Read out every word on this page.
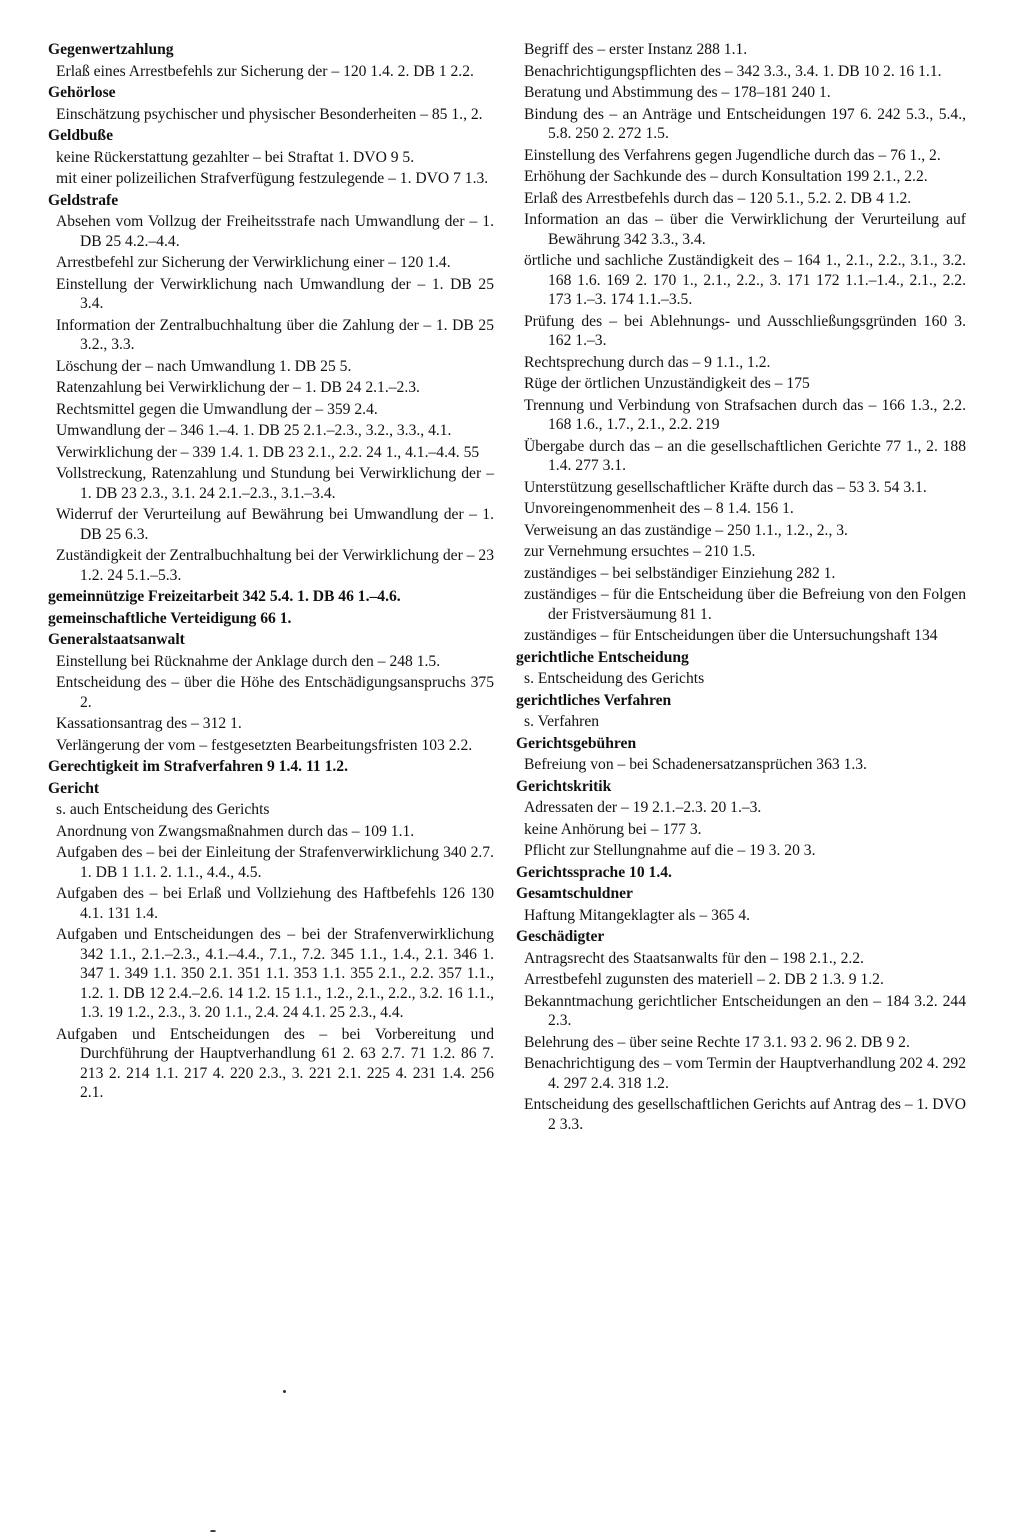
Gegenwertzahlung
Erlaß eines Arrestbefehls zur Sicherung der – 120 1.4. 2. DB 1 2.2.
Gehörlose
Einschätzung psychischer und physischer Besonderheiten – 85 1., 2.
Geldbuße
keine Rückerstattung gezahlter – bei Straftat 1. DVO 9 5.
mit einer polizeilichen Strafverfügung festzulegende – 1. DVO 7 1.3.
Geldstrafe
Absehen vom Vollzug der Freiheitsstrafe nach Umwandlung der – 1. DB 25 4.2.–4.4.
Arrestbefehl zur Sicherung der Verwirklichung einer – 120 1.4.
Einstellung der Verwirklichung nach Umwandlung der – 1. DB 25 3.4.
Information der Zentralbuchhaltung über die Zahlung der – 1. DB 25 3.2., 3.3.
Löschung der – nach Umwandlung 1. DB 25 5.
Ratenzahlung bei Verwirklichung der – 1. DB 24 2.1.–2.3.
Rechtsmittel gegen die Umwandlung der – 359 2.4.
Umwandlung der – 346 1.–4. 1. DB 25 2.1.–2.3., 3.2., 3.3., 4.1.
Verwirklichung der – 339 1.4. 1. DB 23 2.1., 2.2. 24 1., 4.1.–4.4. 55
Vollstreckung, Ratenzahlung und Stundung bei Verwirklichung der – 1. DB 23 2.3., 3.1. 24 2.1.–2.3., 3.1.–3.4.
Widerruf der Verurteilung auf Bewährung bei Umwandlung der – 1. DB 25 6.3.
Zuständigkeit der Zentralbuchhaltung bei der Verwirklichung der – 23 1.2. 24 5.1.–5.3.
gemeinnützige Freizeitarbeit 342 5.4. 1. DB 46 1.–4.6.
gemeinschaftliche Verteidigung 66 1.
Generalstaatsanwalt
Einstellung bei Rücknahme der Anklage durch den – 248 1.5.
Entscheidung des – über die Höhe des Entschädigungsanspruchs 375 2.
Kassationsantrag des – 312 1.
Verlängerung der vom – festgesetzten Bearbeitungsfristen 103 2.2.
Gerechtigkeit im Strafverfahren 9 1.4. 11 1.2.
Gericht
s. auch Entscheidung des Gerichts
Anordnung von Zwangsmaßnahmen durch das – 109 1.1.
Aufgaben des – bei der Einleitung der Strafenverwirklichung 340 2.7. 1. DB 1 1.1. 2. 1.1., 4.4., 4.5.
Aufgaben des – bei Erlaß und Vollziehung des Haftbefehls 126 130 4.1. 131 1.4.
Aufgaben und Entscheidungen des – bei der Strafenverwirklichung 342 1.1., 2.1.–2.3., 4.1.–4.4., 7.1., 7.2. 345 1.1., 1.4., 2.1. 346 1. 347 1. 349 1.1. 350 2.1. 351 1.1. 353 1.1. 355 2.1., 2.2. 357 1.1., 1.2. 1. DB 12 2.4.–2.6. 14 1.2. 15 1.1., 1.2., 2.1., 2.2., 3.2. 16 1.1., 1.3. 19 1.2., 2.3., 3. 20 1.1., 2.4. 24 4.1. 25 2.3., 4.4.
Aufgaben und Entscheidungen des – bei Vorbereitung und Durchführung der Hauptverhandlung 61 2. 63 2.7. 71 1.2. 86 7. 213 2. 214 1.1. 217 4. 220 2.3., 3. 221 2.1. 225 4. 231 1.4. 256 2.1.
Begriff des – erster Instanz 288 1.1.
Benachrichtigungspflichten des – 342 3.3., 3.4. 1. DB 10 2. 16 1.1.
Beratung und Abstimmung des – 178–181 240 1.
Bindung des – an Anträge und Entscheidungen 197 6. 242 5.3., 5.4., 5.8. 250 2. 272 1.5.
Einstellung des Verfahrens gegen Jugendliche durch das – 76 1., 2.
Erhöhung der Sachkunde des – durch Konsultation 199 2.1., 2.2.
Erlaß des Arrestbefehls durch das – 120 5.1., 5.2. 2. DB 4 1.2.
Information an das – über die Verwirklichung der Verurteilung auf Bewährung 342 3.3., 3.4.
örtliche und sachliche Zuständigkeit des – 164 1., 2.1., 2.2., 3.1., 3.2. 168 1.6. 169 2. 170 1., 2.1., 2.2., 3. 171 172 1.1.–1.4., 2.1., 2.2. 173 1.–3. 174 1.1.–3.5.
Prüfung des – bei Ablehnungs- und Ausschließungsgründen 160 3. 162 1.–3.
Rechtsprechung durch das – 9 1.1., 1.2.
Rüge der örtlichen Unzuständigkeit des – 175
Trennung und Verbindung von Strafsachen durch das – 166 1.3., 2.2. 168 1.6., 1.7., 2.1., 2.2. 219
Übergabe durch das – an die gesellschaftlichen Gerichte 77 1., 2. 188 1.4. 277 3.1.
Unterstützung gesellschaftlicher Kräfte durch das – 53 3. 54 3.1.
Unvoreingenommenheit des – 8 1.4. 156 1.
Verweisung an das zuständige – 250 1.1., 1.2., 2., 3.
zur Vernehmung ersuchtes – 210 1.5.
zuständiges – bei selbständiger Einziehung 282 1.
zuständiges – für die Entscheidung über die Befreiung von den Folgen der Fristversäumung 81 1.
zuständiges – für Entscheidungen über die Untersuchungshaft 134
gerichtliche Entscheidung
s. Entscheidung des Gerichts
gerichtliches Verfahren
s. Verfahren
Gerichtsgebühren
Befreiung von – bei Schadenersatzansprüchen 363 1.3.
Gerichtskritik
Adressaten der – 19 2.1.–2.3. 20 1.–3.
keine Anhörung bei – 177 3.
Pflicht zur Stellungnahme auf die – 19 3. 20 3.
Gerichtssprache 10 1.4.
Gesamtschuldner
Haftung Mitangeklagter als – 365 4.
Geschädigter
Antragsrecht des Staatsanwalts für den – 198 2.1., 2.2.
Arrestbefehl zugunsten des materiell – 2. DB 2 1.3. 9 1.2.
Bekanntmachung gerichtlicher Entscheidungen an den – 184 3.2. 244 2.3.
Belehrung des – über seine Rechte 17 3.1. 93 2. 96 2. DB 9 2.
Benachrichtigung des – vom Termin der Hauptverhandlung 202 4. 292 4. 297 2.4. 318 1.2.
Entscheidung des gesellschaftlichen Gerichts auf Antrag des – 1. DVO 2 3.3.
